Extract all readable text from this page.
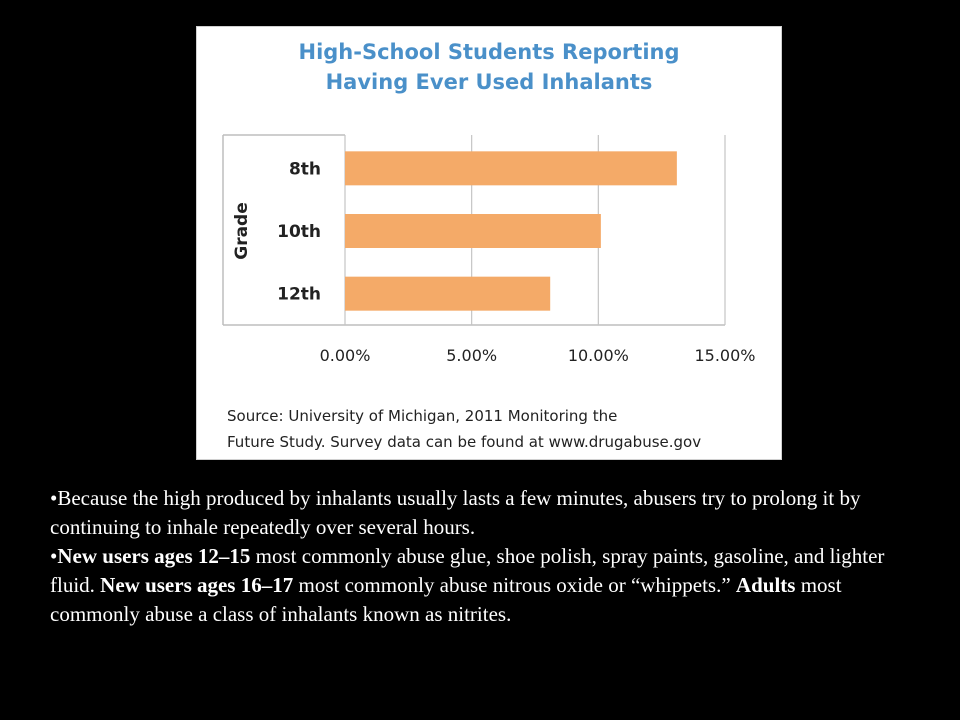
High-School Students Reporting
Having Ever Used Inhalants
0.00%	5.00%	10.00%	15.00%
8th
10th
12th
Grade
Source: University of Michigan, 2011 Monitoring the
Future Study. Survey data can be found at www.drugabuse.gov

•Because the high produced by inhalants usually lasts a few minutes, abusers try to prolong it by continuing to inhale repeatedly over several hours.

•New users ages 12–15 most commonly abuse glue, shoe polish, spray paints, gasoline, and lighter fluid. New users ages 16–17 most commonly abuse nitrous oxide or “whippets.” Adults most commonly abuse a class of inhalants known as nitrites.
